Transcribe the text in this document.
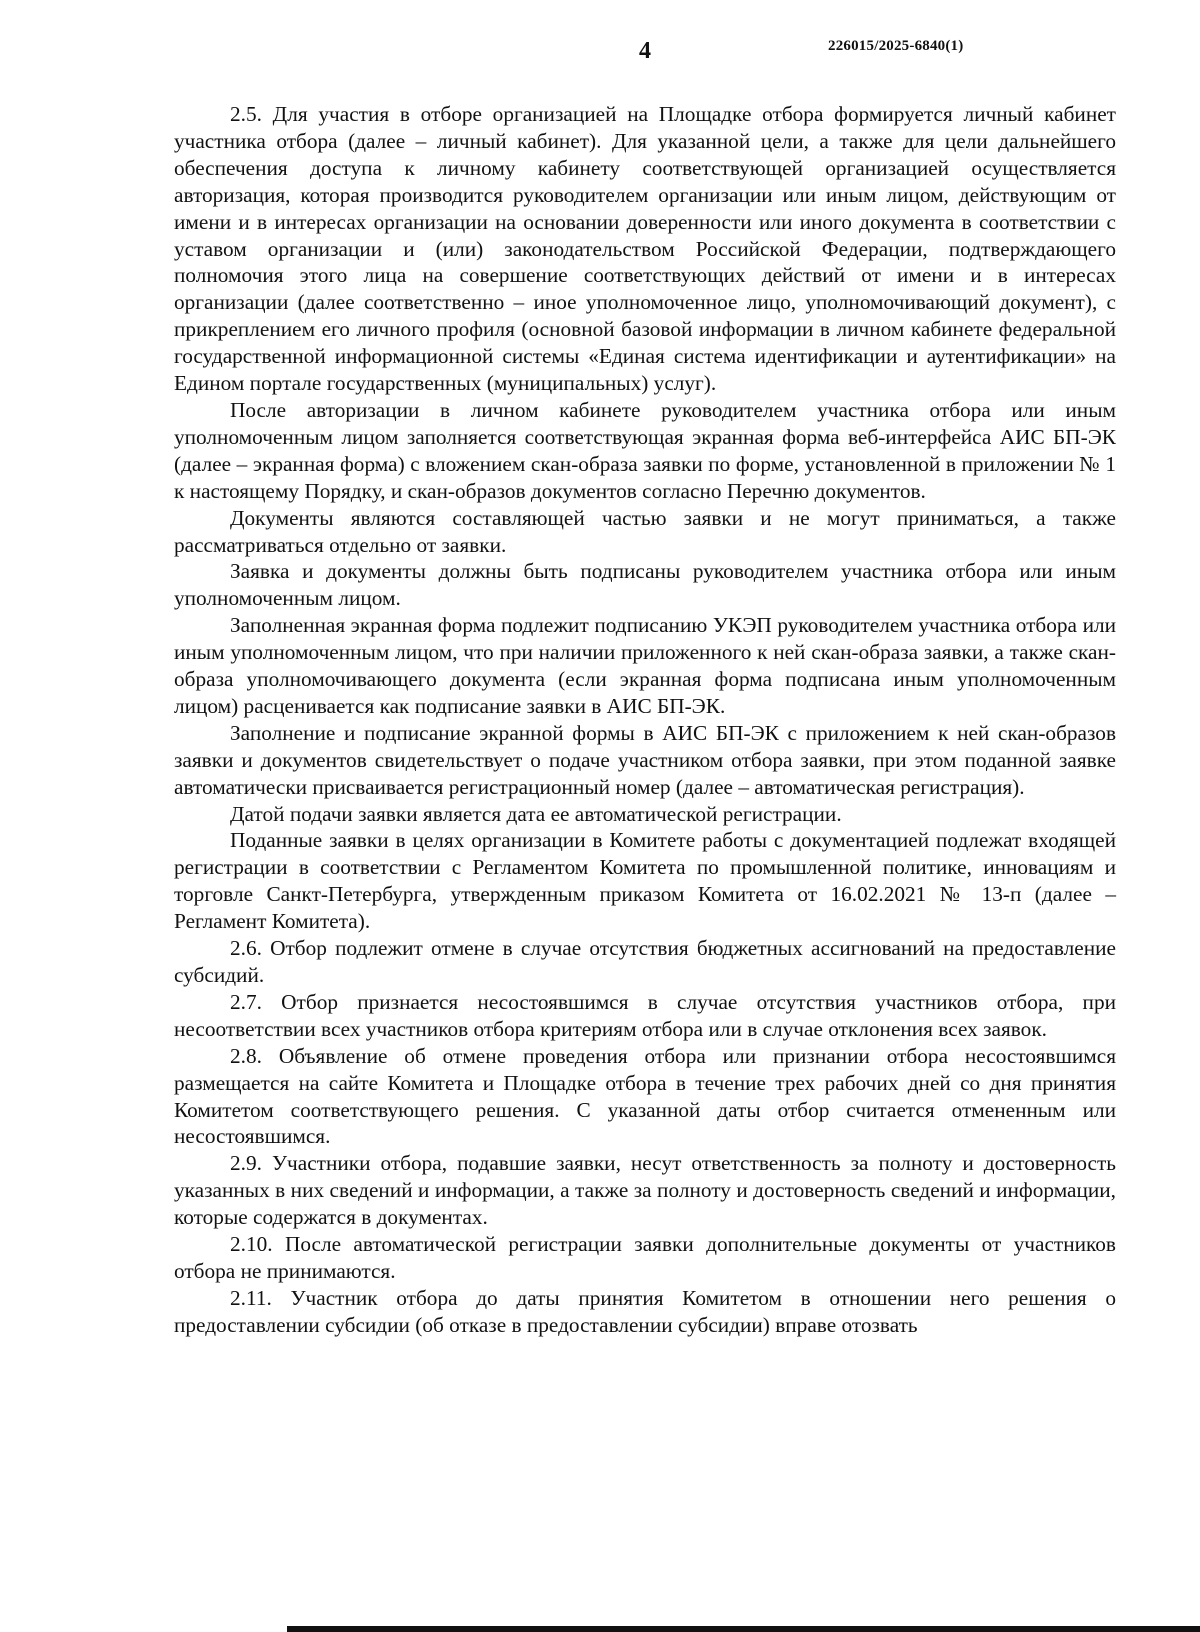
4	226015/2025-6840(1)

2.5. Для участия в отборе организацией на Площадке отбора формируется личный кабинет участника отбора (далее – личный кабинет). Для указанной цели, а также для цели дальнейшего обеспечения доступа к личному кабинету соответствующей организацией осуществляется авторизация, которая производится руководителем организации или иным лицом, действующим от имени и в интересах организации на основании доверенности или иного документа в соответствии с уставом организации и (или) законодательством Российской Федерации, подтверждающего полномочия этого лица на совершение соответствующих действий от имени и в интересах организации (далее соответственно – иное уполномоченное лицо, уполномочивающий документ), с прикреплением его личного профиля (основной базовой информации в личном кабинете федеральной государственной информационной системы «Единая система идентификации и аутентификации» на Едином портале государственных (муниципальных) услуг).

После авторизации в личном кабинете руководителем участника отбора или иным уполномоченным лицом заполняется соответствующая экранная форма веб-интерфейса АИС БП-ЭК (далее – экранная форма) с вложением скан-образа заявки по форме, установленной в приложении № 1 к настоящему Порядку, и скан-образов документов согласно Перечню документов.

Документы являются составляющей частью заявки и не могут приниматься, а также рассматриваться отдельно от заявки.

Заявка и документы должны быть подписаны руководителем участника отбора или иным уполномоченным лицом.

Заполненная экранная форма подлежит подписанию УКЭП руководителем участника отбора или иным уполномоченным лицом, что при наличии приложенного к ней скан-образа заявки, а также скан-образа уполномочивающего документа (если экранная форма подписана иным уполномоченным лицом) расценивается как подписание заявки в АИС БП-ЭК.

Заполнение и подписание экранной формы в АИС БП-ЭК с приложением к ней скан-образов заявки и документов свидетельствует о подаче участником отбора заявки, при этом поданной заявке автоматически присваивается регистрационный номер (далее – автоматическая регистрация).

Датой подачи заявки является дата ее автоматической регистрации.

Поданные заявки в целях организации в Комитете работы с документацией подлежат входящей регистрации в соответствии с Регламентом Комитета по промышленной политике, инновациям и торговле Санкт-Петербурга, утвержденным приказом Комитета от 16.02.2021 № 13-п (далее – Регламент Комитета).

2.6. Отбор подлежит отмене в случае отсутствия бюджетных ассигнований на предоставление субсидий.

2.7. Отбор признается несостоявшимся в случае отсутствия участников отбора, при несоответствии всех участников отбора критериям отбора или в случае отклонения всех заявок.

2.8. Объявление об отмене проведения отбора или признании отбора несостоявшимся размещается на сайте Комитета и Площадке отбора в течение трех рабочих дней со дня принятия Комитетом соответствующего решения. С указанной даты отбор считается отмененным или несостоявшимся.

2.9. Участники отбора, подавшие заявки, несут ответственность за полноту и достоверность указанных в них сведений и информации, а также за полноту и достоверность сведений и информации, которые содержатся в документах.

2.10. После автоматической регистрации заявки дополнительные документы от участников отбора не принимаются.

2.11. Участник отбора до даты принятия Комитетом в отношении него решения о предоставлении субсидии (об отказе в предоставлении субсидии) вправе отозвать
